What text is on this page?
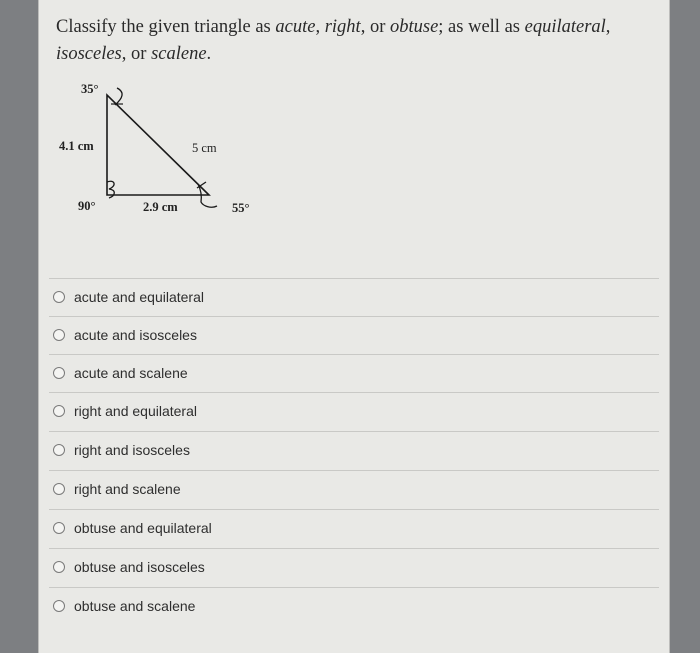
Classify the given triangle as acute, right, or obtuse; as well as equilateral,
isosceles, or scalene.
35°
4.1 cm	5 cm
90°	2.9 cm	55°
acute and equilateral
acute and isosceles
acute and scalene
right and equilateral
right and isosceles
right and scalene
obtuse and equilateral
obtuse and isosceles
obtuse and scalene
